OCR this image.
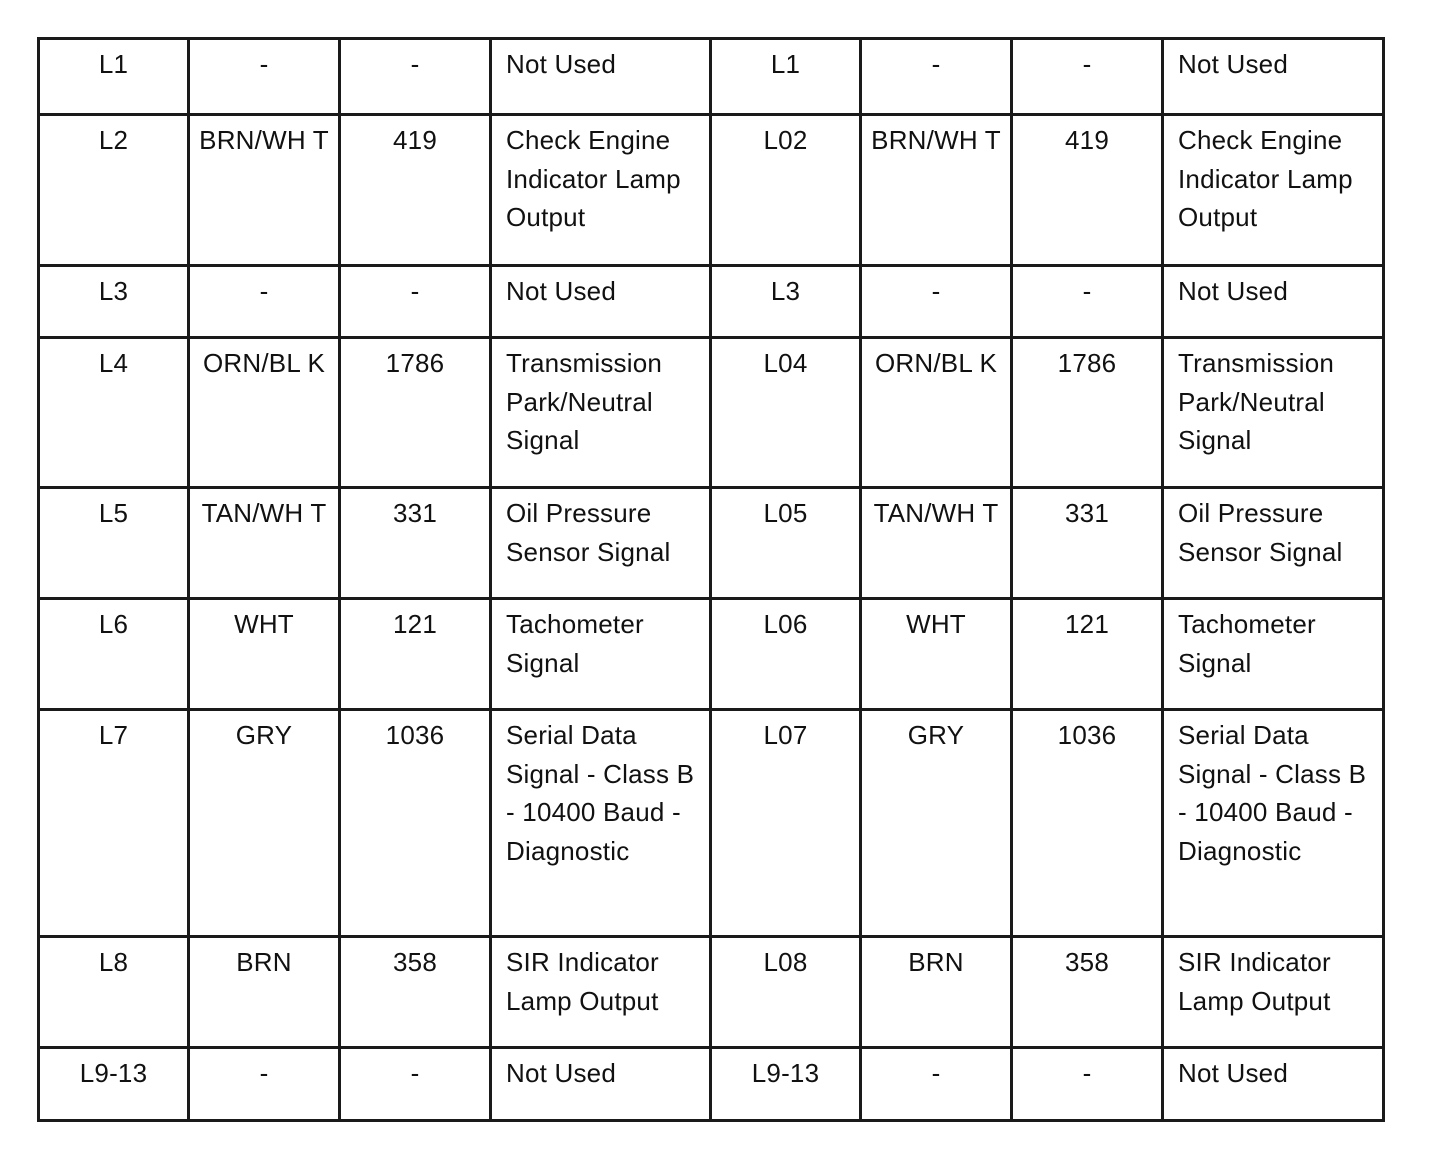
L1	-	-	Not Used	L1	-	-	Not Used
L2	BRN/WH T	419	Check Engine Indicator Lamp Output	L02	BRN/WH T	419	Check Engine Indicator Lamp Output
L3	-	-	Not Used	L3	-	-	Not Used
L4	ORN/BL K	1786	Transmission Park/Neutral Signal	L04	ORN/BL K	1786	Transmission Park/Neutral Signal
L5	TAN/WH T	331	Oil Pressure Sensor Signal	L05	TAN/WH T	331	Oil Pressure Sensor Signal
L6	WHT	121	Tachometer Signal	L06	WHT	121	Tachometer Signal
L7	GRY	1036	Serial Data Signal - Class B - 10400 Baud - Diagnostic	L07	GRY	1036	Serial Data Signal - Class B - 10400 Baud - Diagnostic
L8	BRN	358	SIR Indicator Lamp Output	L08	BRN	358	SIR Indicator Lamp Output
L9-13	-	-	Not Used	L9-13	-	-	Not Used
